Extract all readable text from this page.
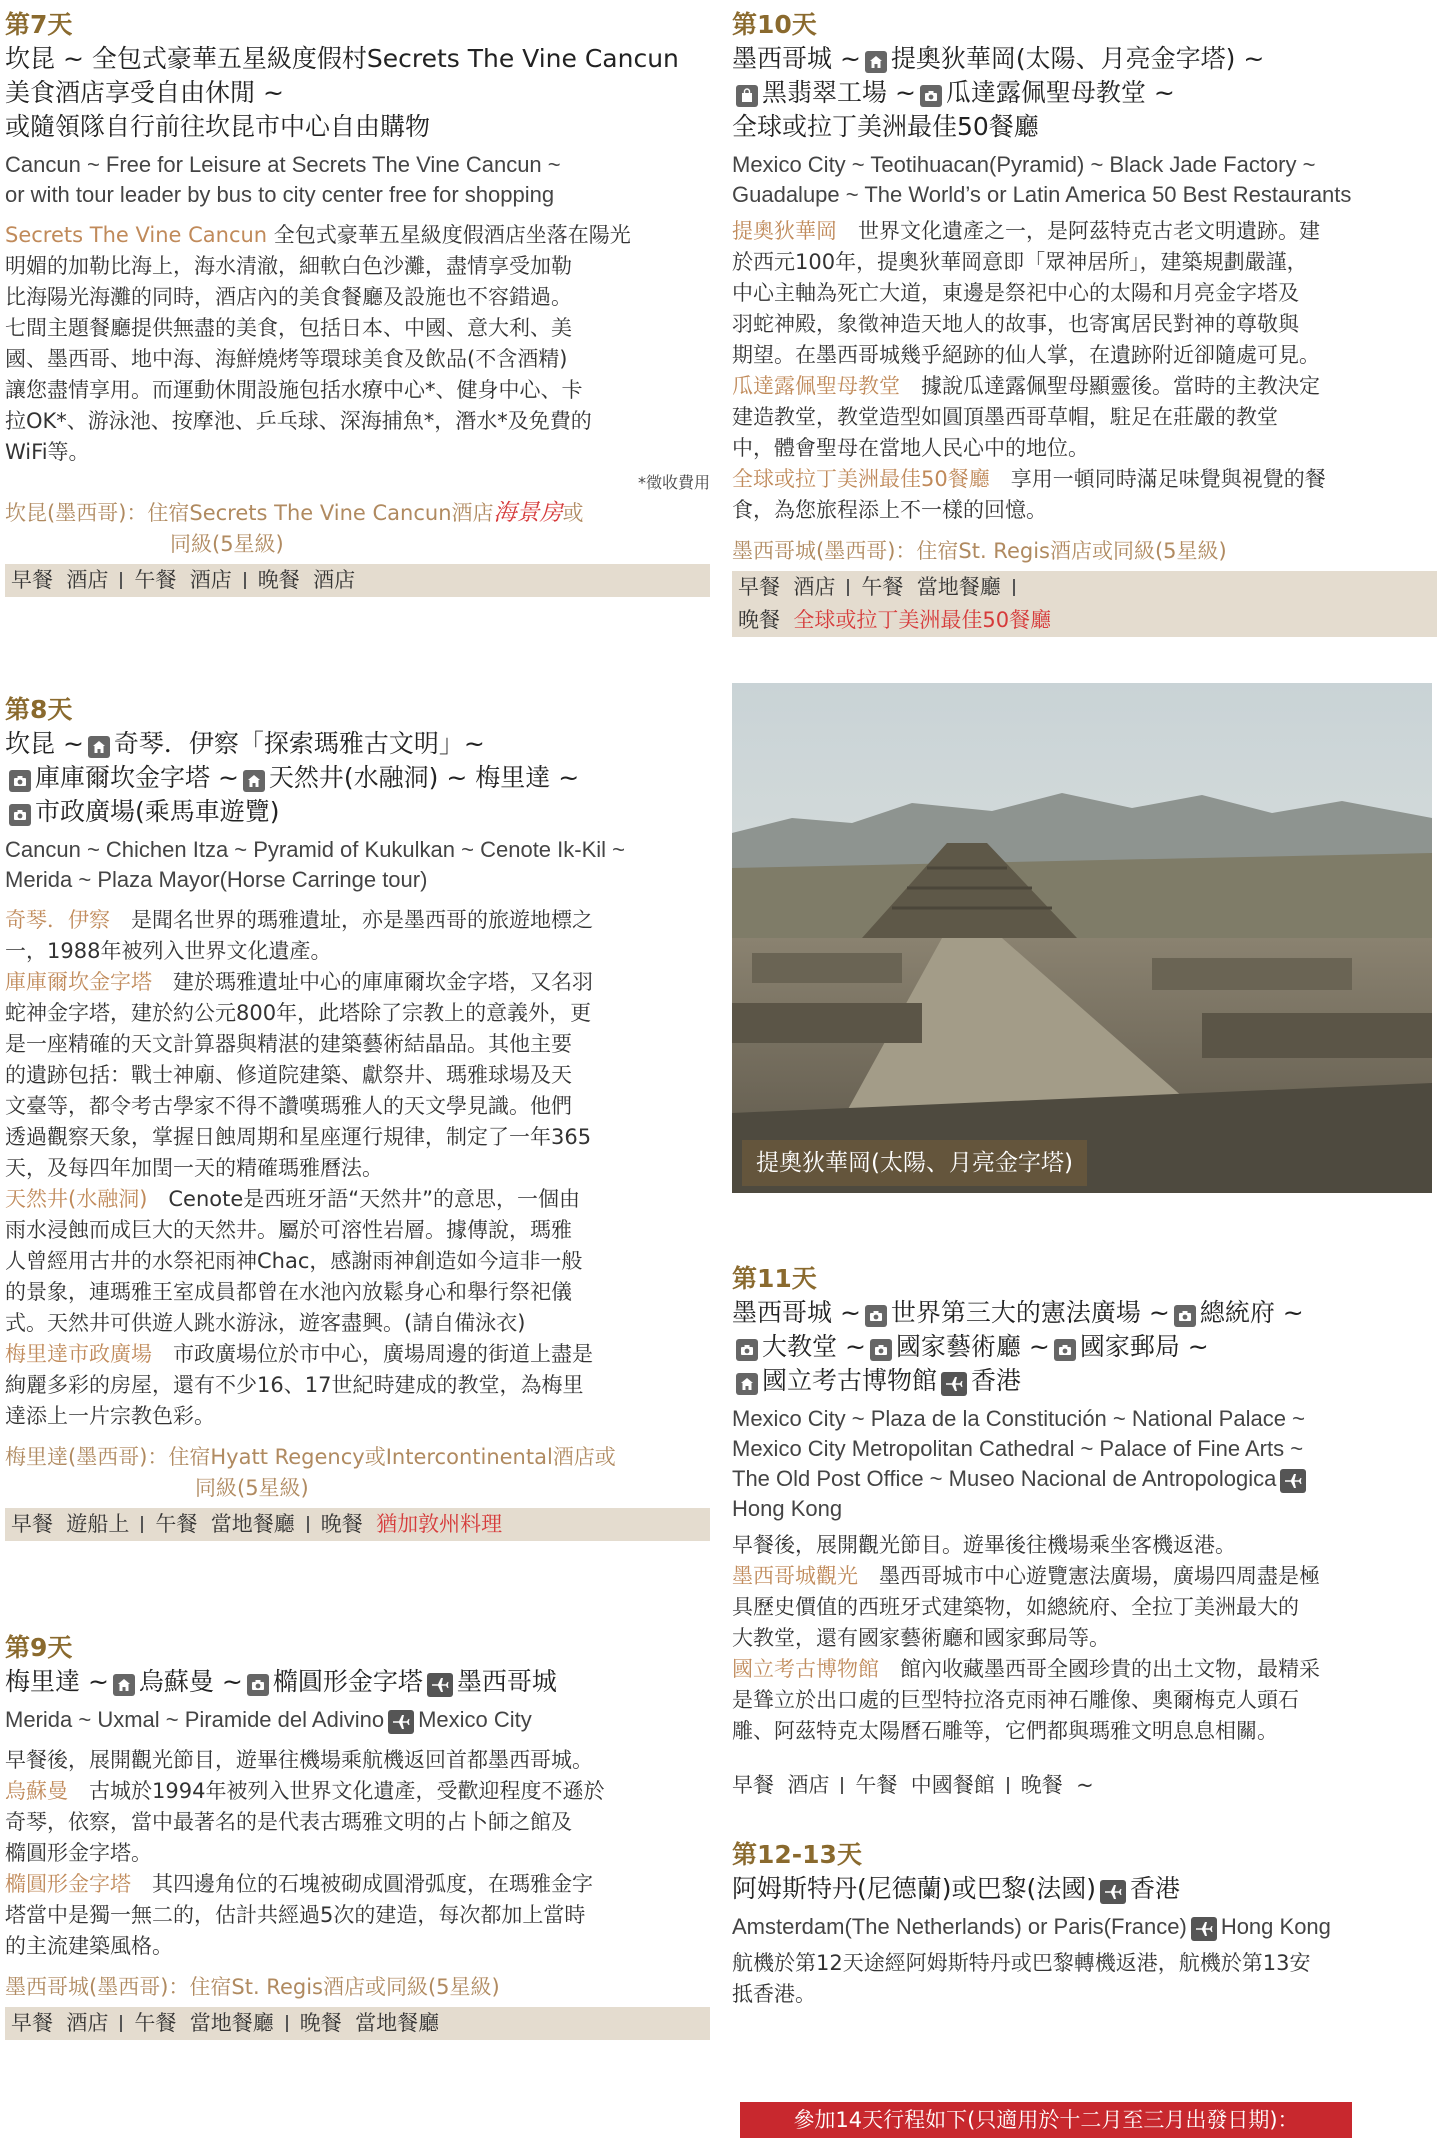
第7天
坎昆 ~ 全包式豪華五星級度假村Secrets The Vine Cancun
美食酒店享受自由休閒 ~
或隨領隊自行前往坎昆市中心自由購物
Cancun ~ Free for Leisure at Secrets The Vine Cancun ~
or with tour leader by bus to city center free for shopping
Secrets The Vine Cancun 全包式豪華五星級度假酒店坐落在陽光
明媚的加勒比海上，海水清澈，細軟白色沙灘，盡情享受加勒
比海陽光海灘的同時，酒店內的美食餐廳及設施也不容錯過。
七間主題餐廳提供無盡的美食，包括日本、中國、意大利、美
國、墨西哥、地中海、海鮮燒烤等環球美食及飲品(不含酒精)
讓您盡情享用。而運動休閒設施包括水療中心*、健身中心、卡
拉OK*、游泳池、按摩池、乒乓球、深海捕魚*，潛水*及免費的
WiFi等。
*徵收費用
坎昆(墨西哥)：住宿Secrets The Vine Cancun酒店海景房或
同級(5星級)
早餐 酒店 午餐 酒店 晚餐 酒店
第8天
坎昆 ~ 奇琴．伊察「探索瑪雅古文明」~
庫庫爾坎金字塔 ~ 天然井(水融洞) ~ 梅里達 ~
市政廣場(乘馬車遊覽)
Cancun ~ Chichen Itza ~ Pyramid of Kukulkan ~ Cenote Ik-Kil ~
Merida ~ Plaza Mayor(Horse Carringe tour)
奇琴．伊察　是聞名世界的瑪雅遺址，亦是墨西哥的旅遊地標之
一，1988年被列入世界文化遺產。
庫庫爾坎金字塔　建於瑪雅遺址中心的庫庫爾坎金字塔，又名羽
蛇神金字塔，建於約公元800年，此塔除了宗教上的意義外，更
是一座精確的天文計算器與精湛的建築藝術結晶品。其他主要
的遺跡包括：戰士神廟、修道院建築、獻祭井、瑪雅球場及天
文臺等，都令考古學家不得不讚嘆瑪雅人的天文學見識。他們
透過觀察天象，掌握日蝕周期和星座運行規律，制定了一年365
天，及每四年加閏一天的精確瑪雅曆法。
天然井(水融洞)　Cenote是西班牙語“天然井”的意思，一個由
雨水浸蝕而成巨大的天然井。屬於可溶性岩層。據傳說，瑪雅
人曾經用古井的水祭祀雨神Chac，感謝雨神創造如今這非一般
的景象，連瑪雅王室成員都曾在水池內放鬆身心和舉行祭祀儀
式。天然井可供遊人跳水游泳，遊客盡興。(請自備泳衣)
梅里達市政廣場　市政廣場位於市中心，廣場周邊的街道上盡是
絢麗多彩的房屋，還有不少16、17世紀時建成的教堂，為梅里
達添上一片宗教色彩。
梅里達(墨西哥)：住宿Hyatt Regency或Intercontinental酒店或
同級(5星級)
早餐 遊船上 午餐 當地餐廳 晚餐 猶加敦州料理
第9天
梅里達 ~ 烏蘇曼 ~ 橢圓形金字塔 墨西哥城
Merida ~ Uxmal ~ Piramide del Adivino Mexico City
早餐後，展開觀光節目，遊畢往機場乘航機返回首都墨西哥城。
烏蘇曼　古城於1994年被列入世界文化遺產，受歡迎程度不遜於
奇琴，依察，當中最著名的是代表古瑪雅文明的占卜師之館及
橢圓形金字塔。
橢圓形金字塔　其四邊角位的石塊被砌成圓滑弧度，在瑪雅金字
塔當中是獨一無二的，估計共經過5次的建造，每次都加上當時
的主流建築風格。
墨西哥城(墨西哥)：住宿St. Regis酒店或同級(5星級)
早餐 酒店 午餐 當地餐廳 晚餐 當地餐廳
第10天
墨西哥城 ~ 提奧狄華岡(太陽、月亮金字塔) ~
黑翡翠工場 ~ 瓜達露佩聖母教堂 ~
全球或拉丁美洲最佳50餐廳
Mexico City ~ Teotihuacan(Pyramid) ~ Black Jade Factory ~
Guadalupe ~ The World’s or Latin America 50 Best Restaurants
提奧狄華岡　世界文化遺產之一，是阿茲特克古老文明遺跡。建
於西元100年，提奧狄華岡意即「眾神居所」，建築規劃嚴謹，
中心主軸為死亡大道，東邊是祭祀中心的太陽和月亮金字塔及
羽蛇神殿，象徵神造天地人的故事，也寄寓居民對神的尊敬與
期望。在墨西哥城幾乎絕跡的仙人掌，在遺跡附近卻隨處可見。
瓜達露佩聖母教堂　據說瓜達露佩聖母顯靈後。當時的主教決定
建造教堂，教堂造型如圓頂墨西哥草帽，駐足在莊嚴的教堂
中，體會聖母在當地人民心中的地位。
全球或拉丁美洲最佳50餐廳　享用一頓同時滿足味覺與視覺的餐
食，為您旅程添上不一樣的回憶。
墨西哥城(墨西哥)：住宿St. Regis酒店或同級(5星級)
早餐 酒店 午餐 當地餐廳
晚餐 全球或拉丁美洲最佳50餐廳
提奧狄華岡(太陽、月亮金字塔)
第11天
墨西哥城 ~ 世界第三大的憲法廣場 ~ 總統府 ~
大教堂 ~ 國家藝術廳 ~ 國家郵局 ~
國立考古博物館 香港
Mexico City ~ Plaza de la Constitución ~ National Palace ~
Mexico City Metropolitan Cathedral ~ Palace of Fine Arts ~
The Old Post Office ~ Museo Nacional de Antropologica
Hong Kong
早餐後，展開觀光節目。遊畢後往機場乘坐客機返港。
墨西哥城觀光　墨西哥城市中心遊覽憲法廣場，廣場四周盡是極
具歷史價值的西班牙式建築物，如總統府、全拉丁美洲最大的
大教堂，還有國家藝術廳和國家郵局等。
國立考古博物館　館內收藏墨西哥全國珍貴的出土文物，最精采
是聳立於出口處的巨型特拉洛克雨神石雕像、奧爾梅克人頭石
雕、阿茲特克太陽曆石雕等，它們都與瑪雅文明息息相關。
早餐 酒店 午餐 中國餐館 晚餐 ~
第12-13天
阿姆斯特丹(尼德蘭)或巴黎(法國) 香港
Amsterdam(The Netherlands) or Paris(France) Hong Kong
航機於第12天途經阿姆斯特丹或巴黎轉機返港，航機於第13安
抵香港。
參加14天行程如下(只適用於十二月至三月出發日期)：
